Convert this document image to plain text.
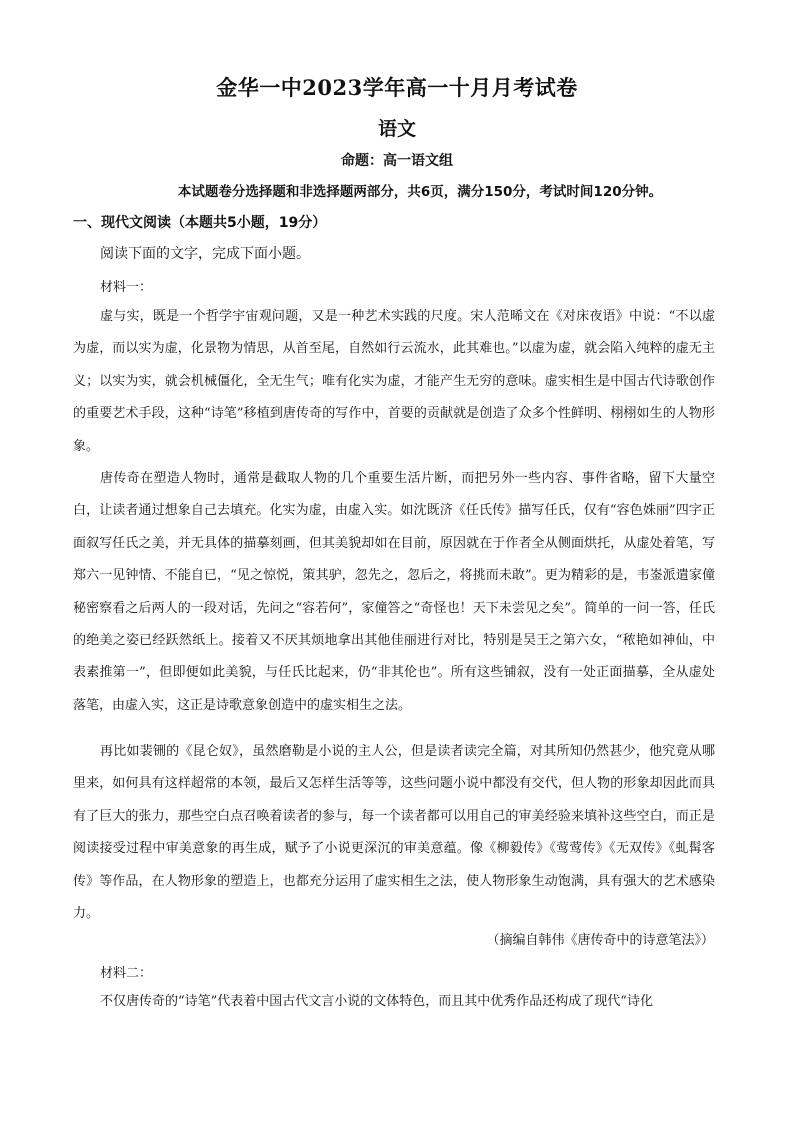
金华一中2023学年高一十月月考试卷
语文
命题：高一语文组
本试题卷分选择题和非选择题两部分，共6页，满分150分，考试时间120分钟。
一、现代文阅读（本题共5小题，19分）
阅读下面的文字，完成下面小题。
材料一：

虚与实，既是一个哲学宇宙观问题，又是一种艺术实践的尺度。宋人范晞文在《对床夜语》中说：“不以虚为虚，而以实为虚，化景物为情思，从首至尾，自然如行云流水，此其难也。”以虚为虚，就会陷入纯粹的虚无主义；以实为实，就会机械僵化，全无生气；唯有化实为虚，才能产生无穷的意味。虚实相生是中国古代诗歌创作的重要艺术手段，这种“诗笔”移植到唐传奇的写作中，首要的贡献就是创造了众多个性鲜明、栩栩如生的人物形象。

唐传奇在塑造人物时，通常是截取人物的几个重要生活片断，而把另外一些内容、事件省略，留下大量空白，让读者通过想象自己去填充。化实为虚，由虚入实。如沈既济《任氏传》描写任氏，仅有“容色姝丽”四字正面叙写任氏之美，并无具体的描摹刻画，但其美貌却如在目前，原因就在于作者全从侧面烘托，从虚处着笔，写郑六一见钟情、不能自已，“见之惊悦，策其驴，忽先之，忽后之，将挑而未敢”。更为精彩的是，韦崟派遣家僮秘密察看之后两人的一段对话，先问之“容若何”，家僮答之“奇怪也！天下未尝见之矣”。简单的一问一答，任氏的绝美之姿已经跃然纸上。接着又不厌其烦地拿出其他佳丽进行对比，特别是吴王之第六女，“秾艳如神仙，中表素推第一”，但即便如此美貌，与任氏比起来，仍“非其伦也”。所有这些铺叙，没有一处正面描摹，全从虚处落笔，由虚入实，这正是诗歌意象创造中的虚实相生之法。

再比如裴铏的《昆仑奴》，虽然磨勒是小说的主人公，但是读者读完全篇，对其所知仍然甚少，他究竟从哪里来，如何具有这样超常的本领，最后又怎样生活等等，这些问题小说中都没有交代，但人物的形象却因此而具有了巨大的张力，那些空白点召唤着读者的参与，每一个读者都可以用自己的审美经验来填补这些空白，而正是阅读接受过程中审美意象的再生成，赋予了小说更深沉的审美意蕴。像《柳毅传》《莺莺传》《无双传》《虬髯客传》等作品，在人物形象的塑造上，也都充分运用了虚实相生之法，使人物形象生动饱满，具有强大的艺术感染力。

（摘编自韩伟《唐传奇中的诗意笔法》）
材料二：

不仅唐传奇的“诗笔”代表着中国古代文言小说的文体特色，而且其中优秀作品还构成了现代“诗化
